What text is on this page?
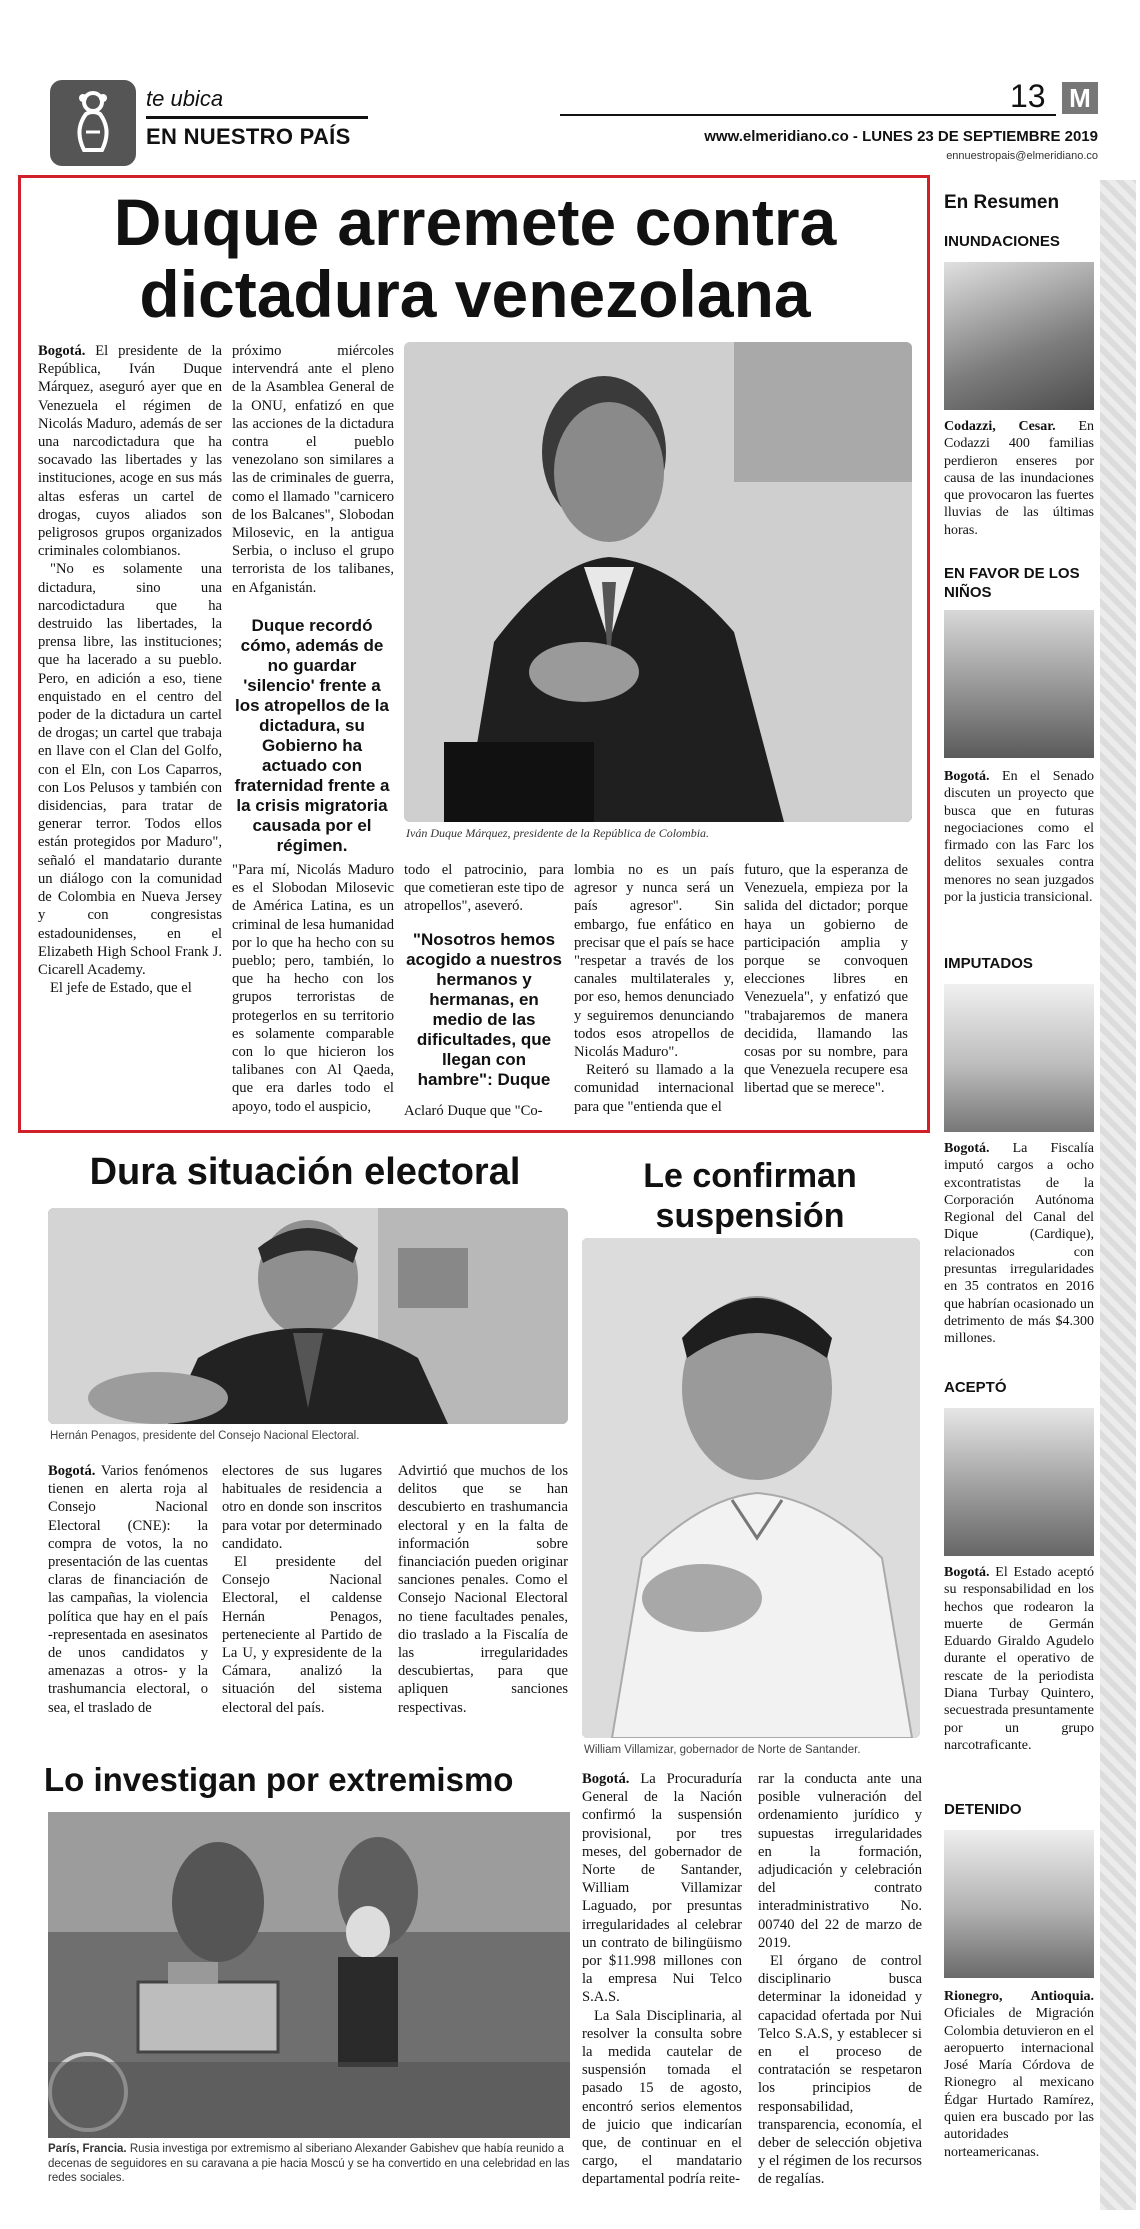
te ubica
EN NUESTRO PAÍS
13 M
www.elmeridiano.co - LUNES 23 DE SEPTIEMBRE 2019
ennuestropais@elmeridiano.co
Duque arremete contra
dictadura venezolana

Bogotá. El presidente de la República, Iván Duque Márquez, aseguró ayer que en Venezuela el régimen de Nicolás Maduro, además de ser una narcodictadura que ha socavado las libertades y las instituciones, acoge en sus más altas esferas un cartel de drogas, cuyos aliados son peligrosos grupos organizados criminales colombianos.

"No es solamente una dictadura, sino una narcodictadura que ha destruido las libertades, la prensa libre, las instituciones; que ha lacerado a su pueblo. Pero, en adición a eso, tiene enquistado en el centro del poder de la dictadura un cartel de drogas; un cartel que trabaja en llave con el Clan del Golfo, con el Eln, con Los Caparros, con Los Pelusos y también con disidencias, para tratar de generar terror. Todos ellos están protegidos por Maduro", señaló el mandatario durante un diálogo con la comunidad de Colombia en Nueva Jersey y con congresistas estadounidenses, en el Elizabeth High School Frank J. Cicarell Academy.

El jefe de Estado, que el

próximo miércoles intervendrá ante el pleno de la Asamblea General de la ONU, enfatizó en que las acciones de la dictadura contra el pueblo venezolano son similares a las de criminales de guerra, como el llamado "carnicero de los Balcanes", Slobodan Milosevic, en la antigua Serbia, o incluso el grupo terrorista de los talibanes, en Afganistán.

Duque recordó cómo, además de no guardar 'silencio' frente a los atropellos de la dictadura, su Gobierno ha actuado con fraternidad frente a la crisis migratoria causada por el régimen.
Iván Duque Márquez, presidente de la República de Colombia.

"Para mí, Nicolás Maduro es el Slobodan Milosevic de América Latina, es un criminal de lesa humanidad por lo que ha hecho con su pueblo; pero, también, lo que ha hecho con los grupos terroristas de protegerlos en su territorio es solamente comparable con lo que hicieron los talibanes con Al Qaeda, que era darles todo el apoyo, todo el auspicio,

todo el patrocinio, para que cometieran este tipo de atropellos", aseveró.

"Nosotros hemos acogido a nuestros hermanos y hermanas, en medio de las dificultades, que llegan con hambre": Duque

Aclaró Duque que "Co-

lombia no es un país agresor y nunca será un país agresor". Sin embargo, fue enfático en precisar que el país se hace "respetar a través de los canales multilaterales y, por eso, hemos denunciado y seguiremos denunciando todos esos atropellos de Nicolás Maduro".

Reiteró su llamado a la comunidad internacional para que "entienda que el

futuro, que la esperanza de Venezuela, empieza por la salida del dictador; porque haya un gobierno de participación amplia y porque se convoquen elecciones libres en Venezuela", y enfatizó que "trabajaremos de manera decidida, llamando las cosas por su nombre, para que Venezuela recupere esa libertad que se merece".

En Resumen
INUNDACIONES
Codazzi, Cesar. En Codazzi 400 familias perdieron enseres por causa de las inundaciones que provocaron las fuertes lluvias de las últimas horas.
EN FAVOR DE LOS NIÑOS
Bogotá. En el Senado discuten un proyecto que busca que en futuras negociaciones como el firmado con las Farc los delitos sexuales contra menores no sean juzgados por la justicia transicional.
IMPUTADOS
Bogotá. La Fiscalía imputó cargos a ocho excontratistas de la Corporación Autónoma Regional del Canal del Dique (Cardique), relacionados con presuntas irregularidades en 35 contratos en 2016 que habrían ocasionado un detrimento de más $4.300 millones.
ACEPTÓ
Bogotá. El Estado aceptó su responsabilidad en los hechos que rodearon la muerte de Germán Eduardo Giraldo Agudelo durante el operativo de rescate de la periodista Diana Turbay Quintero, secuestrada presuntamente por un grupo narcotraficante.
DETENIDO
Rionegro, Antioquia. Oficiales de Migración Colombia detuvieron en el aeropuerto internacional José María Córdova de Rionegro al mexicano Édgar Hurtado Ramírez, quien era buscado por las autoridades norteamericanas.
Dura situación electoral
Hernán Penagos, presidente del Consejo Nacional Electoral.

Bogotá. Varios fenómenos tienen en alerta roja al Consejo Nacional Electoral (CNE): la compra de votos, la no presentación de las cuentas claras de financiación de las campañas, la violencia política que hay en el país -representada en asesinatos de unos candidatos y amenazas a otros- y la trashumancia electoral, o sea, el traslado de

electores de sus lugares habituales de residencia a otro en donde son inscritos para votar por determinado candidato.

El presidente del Consejo Nacional Electoral, el caldense Hernán Penagos, perteneciente al Partido de La U, y expresidente de la Cámara, analizó la situación del sistema electoral del país.

Advirtió que muchos de los delitos que se han descubierto en trashumancia electoral y en la falta de información sobre financiación pueden originar sanciones penales. Como el Consejo Nacional Electoral no tiene facultades penales, dio traslado a la Fiscalía de las irregularidades descubiertas, para que apliquen sanciones respectivas.

Le confirman
suspensión
William Villamizar, gobernador de Norte de Santander.

Bogotá. La Procuraduría General de la Nación confirmó la suspensión provisional, por tres meses, del gobernador de Norte de Santander, William Villamizar Laguado, por presuntas irregularidades al celebrar un contrato de bilingüismo por $11.998 millones con la empresa Nui Telco S.A.S.

La Sala Disciplinaria, al resolver la consulta sobre la medida cautelar de suspensión tomada el pasado 15 de agosto, encontró serios elementos de juicio que indicarían que, de continuar en el cargo, el mandatario departamental podría reite-

rar la conducta ante una posible vulneración del ordenamiento jurídico y supuestas irregularidades en la formación, adjudicación y celebración del contrato interadministrativo No. 00740 del 22 de marzo de 2019.

El órgano de control disciplinario busca determinar la idoneidad y capacidad ofertada por Nui Telco S.A.S, y establecer si en el proceso de contratación se respetaron los principios de responsabilidad, transparencia, economía, el deber de selección objetiva y el régimen de los recursos de regalías.

Lo investigan por extremismo
París, Francia. Rusia investiga por extremismo al siberiano Alexander Gabishev que había reunido a decenas de seguidores en su caravana a pie hacia Moscú y se ha convertido en una celebridad en las redes sociales.
